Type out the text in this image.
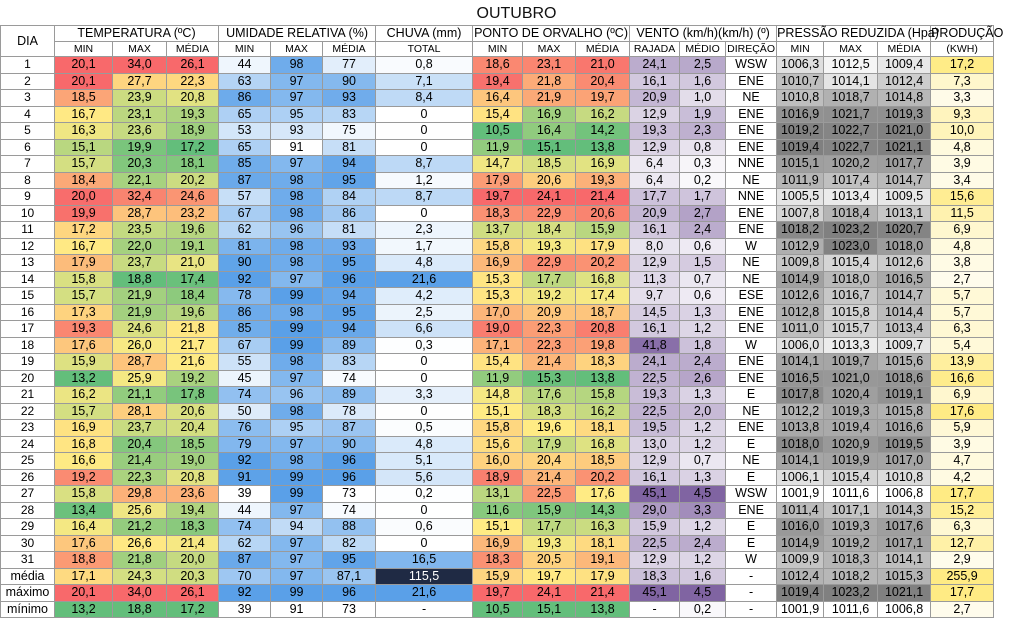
OUTUBRO
DIA	TEMPERATURA (ºC)			UMIDADE RELATIVA (%)			CHUVA (mm)	PONTO DE ORVALHO (ºC)			VENTO (km/h)(km/h) (º)			PRESSÃO REDUZIDA (Hpa)			PRODUÇÃO
	MIN	MAX	MÉDIA	MIN	MAX	MÉDIA	TOTAL	MIN	MAX	MÉDIA	RAJADA	MÉDIO	DIREÇÃO	MIN	MAX	MÉDIA	(KWH)
1	20,1	34,0	26,1	44	98	77	0,8	18,6	23,1	21,0	24,1	2,5	WSW	1006,3	1012,5	1009,4	17,2
2	20,1	27,7	22,3	63	97	90	7,1	19,4	21,8	20,4	16,1	1,6	ENE	1010,7	1014,1	1012,4	7,3
3	18,5	23,9	20,8	86	97	93	8,4	16,4	21,9	19,7	20,9	1,0	NE	1010,8	1018,7	1014,8	3,3
4	16,7	23,1	19,3	65	95	83	0	15,4	16,9	16,2	12,9	1,9	ENE	1016,9	1021,7	1019,3	9,3
5	16,3	23,6	18,9	53	93	75	0	10,5	16,4	14,2	19,3	2,3	ENE	1019,2	1022,7	1021,0	10,0
6	15,1	19,9	17,2	65	91	81	0	11,9	15,1	13,8	12,9	0,8	ENE	1019,4	1022,7	1021,1	4,8
7	15,7	20,3	18,1	85	97	94	8,7	14,7	18,5	16,9	6,4	0,3	NNE	1015,1	1020,2	1017,7	3,9
8	18,4	22,1	20,2	87	98	95	1,2	17,9	20,6	19,3	6,4	0,2	NE	1011,9	1017,4	1014,7	3,4
9	20,0	32,4	24,6	57	98	84	8,7	19,7	24,1	21,4	17,7	1,7	NNE	1005,5	1013,4	1009,5	15,6
10	19,9	28,7	23,2	67	98	86	0	18,3	22,9	20,6	20,9	2,7	ENE	1007,8	1018,4	1013,1	11,5
11	17,2	23,5	19,6	62	96	81	2,3	13,7	18,4	15,9	16,1	2,4	ENE	1018,2	1023,2	1020,7	6,9
12	16,7	22,0	19,1	81	98	93	1,7	15,8	19,3	17,9	8,0	0,6	W	1012,9	1023,0	1018,0	4,8
13	17,9	23,7	21,0	90	98	95	4,8	16,9	22,9	20,2	12,9	1,5	NE	1009,8	1015,4	1012,6	3,8
14	15,8	18,8	17,4	92	97	96	21,6	15,3	17,7	16,8	11,3	0,7	NE	1014,9	1018,0	1016,5	2,7
15	15,7	21,9	18,4	78	99	94	4,2	15,3	19,2	17,4	9,7	0,6	ESE	1012,6	1016,7	1014,7	5,7
16	17,3	21,9	19,6	86	98	95	2,5	17,0	20,9	18,7	14,5	1,3	ENE	1012,8	1015,8	1014,4	5,7
17	19,3	24,6	21,8	85	99	94	6,6	19,0	22,3	20,8	16,1	1,2	ENE	1011,0	1015,7	1013,4	6,3
18	17,6	26,0	21,7	67	99	89	0,3	17,1	22,3	19,8	41,8	1,8	W	1006,0	1013,3	1009,7	5,4
19	15,9	28,7	21,6	55	98	83	0	15,4	21,4	18,3	24,1	2,4	ENE	1014,1	1019,7	1015,6	13,9
20	13,2	25,9	19,2	45	97	74	0	11,9	15,3	13,8	22,5	2,6	ENE	1016,5	1021,0	1018,6	16,6
21	16,2	21,1	17,8	74	96	89	3,3	14,8	17,6	15,8	19,3	1,3	E	1017,8	1020,4	1019,1	6,9
22	15,7	28,1	20,6	50	98	78	0	15,1	18,3	16,2	22,5	2,0	NE	1012,2	1019,3	1015,8	17,6
23	16,9	23,7	20,4	76	95	87	0,5	15,8	19,6	18,1	19,5	1,2	ENE	1013,8	1019,4	1016,6	5,9
24	16,8	20,4	18,5	79	97	90	4,8	15,6	17,9	16,8	13,0	1,2	E	1018,0	1020,9	1019,5	3,9
25	16,6	21,4	19,0	92	98	96	5,1	16,0	20,4	18,5	12,9	0,7	NE	1014,1	1019,9	1017,0	4,7
26	19,2	22,3	20,8	91	99	96	5,6	18,9	21,4	20,2	16,1	1,3	E	1006,1	1015,4	1010,8	4,2
27	15,8	29,8	23,6	39	99	73	0,2	13,1	22,5	17,6	45,1	4,5	WSW	1001,9	1011,6	1006,8	17,7
28	13,4	25,6	19,4	44	97	74	0	11,6	15,9	14,3	29,0	3,3	ENE	1011,4	1017,1	1014,3	15,2
29	16,4	21,2	18,3	74	94	88	0,6	15,1	17,7	16,3	15,9	1,2	E	1016,0	1019,3	1017,6	6,3
30	17,6	26,6	21,4	62	97	82	0	16,9	19,3	18,1	22,5	2,4	E	1014,9	1019,2	1017,1	12,7
31	18,8	21,8	20,0	87	97	95	16,5	18,3	20,5	19,1	12,9	1,2	W	1009,9	1018,3	1014,1	2,9
média	17,1	24,3	20,3	70	97	87,1	115,5	15,9	19,7	17,9	18,3	1,6	-	1012,4	1018,2	1015,3	255,9
máximo	20,1	34,0	26,1	92	99	96	21,6	19,7	24,1	21,4	45,1	4,5	-	1019,4	1023,2	1021,1	17,7
mínimo	13,2	18,8	17,2	39	91	73	-	10,5	15,1	13,8	-	0,2	-	1001,9	1011,6	1006,8	2,7
